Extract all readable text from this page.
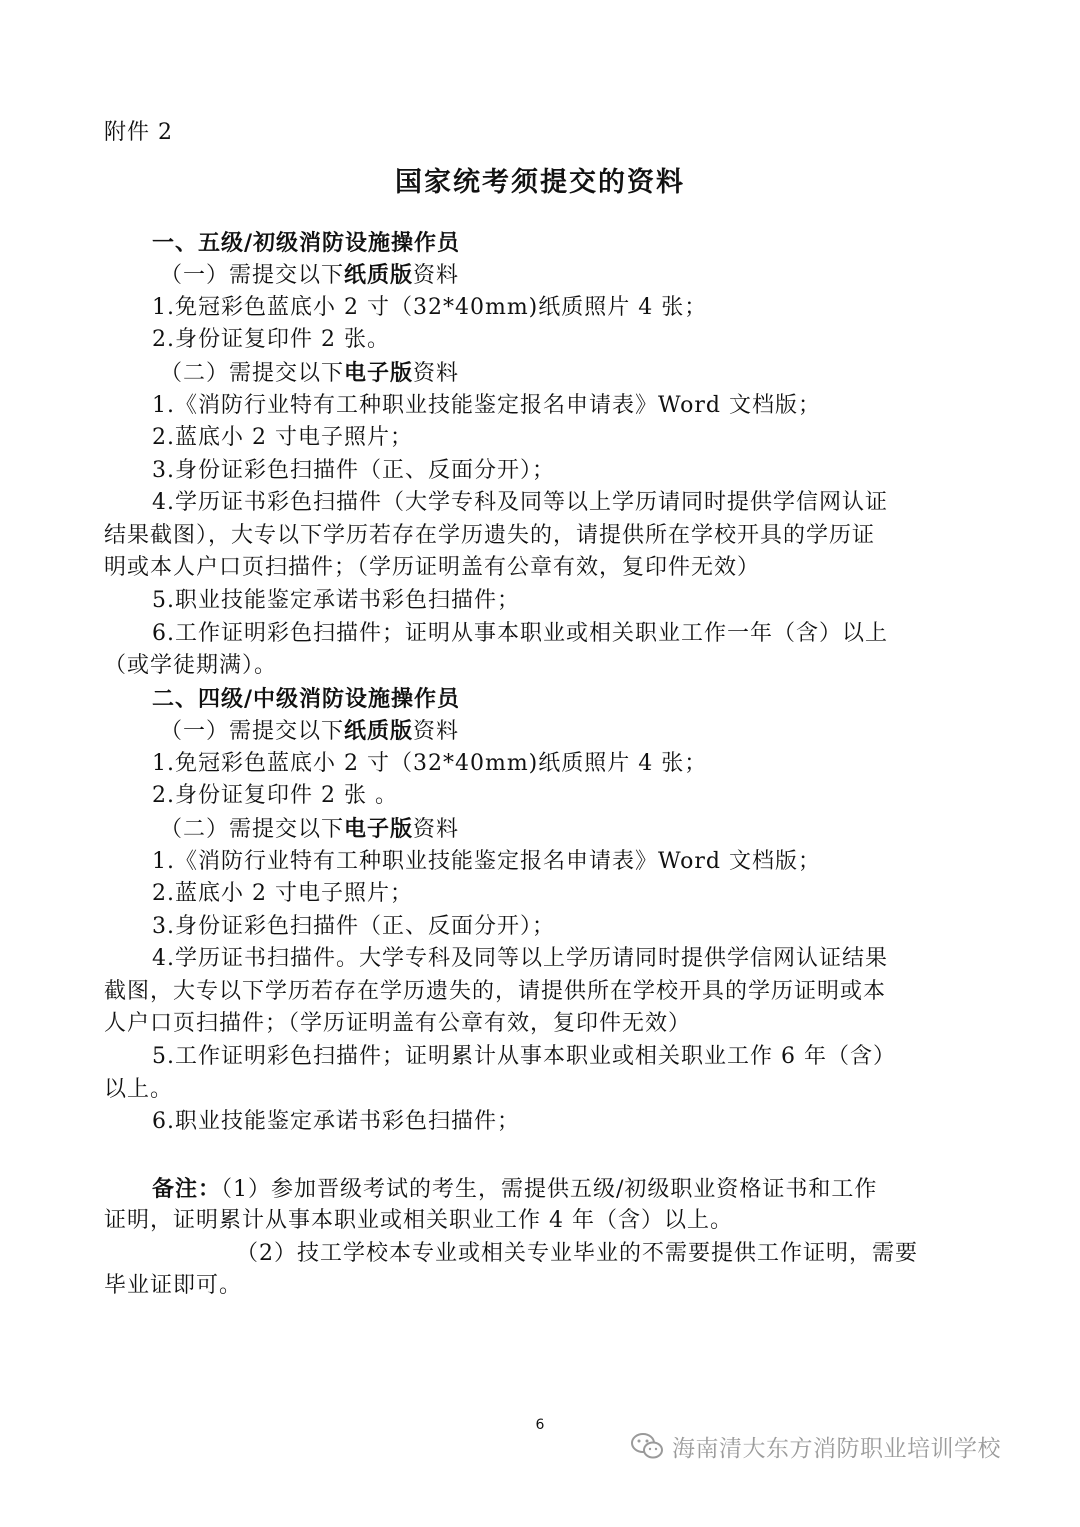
附件 2
国家统考须提交的资料
一、五级/初级消防设施操作员
（一）需提交以下纸质版资料
1.免冠彩色蓝底小 2 寸（32*40mm)纸质照片 4 张；
2.身份证复印件 2 张。
（二）需提交以下电子版资料
1.《消防行业特有工种职业技能鉴定报名申请表》Word 文档版；
2.蓝底小 2 寸电子照片；
3.身份证彩色扫描件（正、反面分开）；
4.学历证书彩色扫描件（大学专科及同等以上学历请同时提供学信网认证
结果截图），大专以下学历若存在学历遗失的，请提供所在学校开具的学历证
明或本人户口页扫描件；（学历证明盖有公章有效，复印件无效）
5.职业技能鉴定承诺书彩色扫描件；
6.工作证明彩色扫描件；证明从事本职业或相关职业工作一年（含）以上
（或学徒期满）。
二、四级/中级消防设施操作员
（一）需提交以下纸质版资料
1.免冠彩色蓝底小 2 寸（32*40mm)纸质照片 4 张；
2.身份证复印件 2 张 。
（二）需提交以下电子版资料
1.《消防行业特有工种职业技能鉴定报名申请表》Word 文档版；
2.蓝底小 2 寸电子照片；
3.身份证彩色扫描件（正、反面分开）；
4.学历证书扫描件。大学专科及同等以上学历请同时提供学信网认证结果
截图，大专以下学历若存在学历遗失的，请提供所在学校开具的学历证明或本
人户口页扫描件；（学历证明盖有公章有效，复印件无效）
5.工作证明彩色扫描件；证明累计从事本职业或相关职业工作 6 年（含）
以上。
6.职业技能鉴定承诺书彩色扫描件；
备注：（1）参加晋级考试的考生，需提供五级/初级职业资格证书和工作
证明，证明累计从事本职业或相关职业工作 4 年（含）以上。
（2）技工学校本专业或相关专业毕业的不需要提供工作证明，需要
毕业证即可。
6
海南清大东方消防职业培训学校
